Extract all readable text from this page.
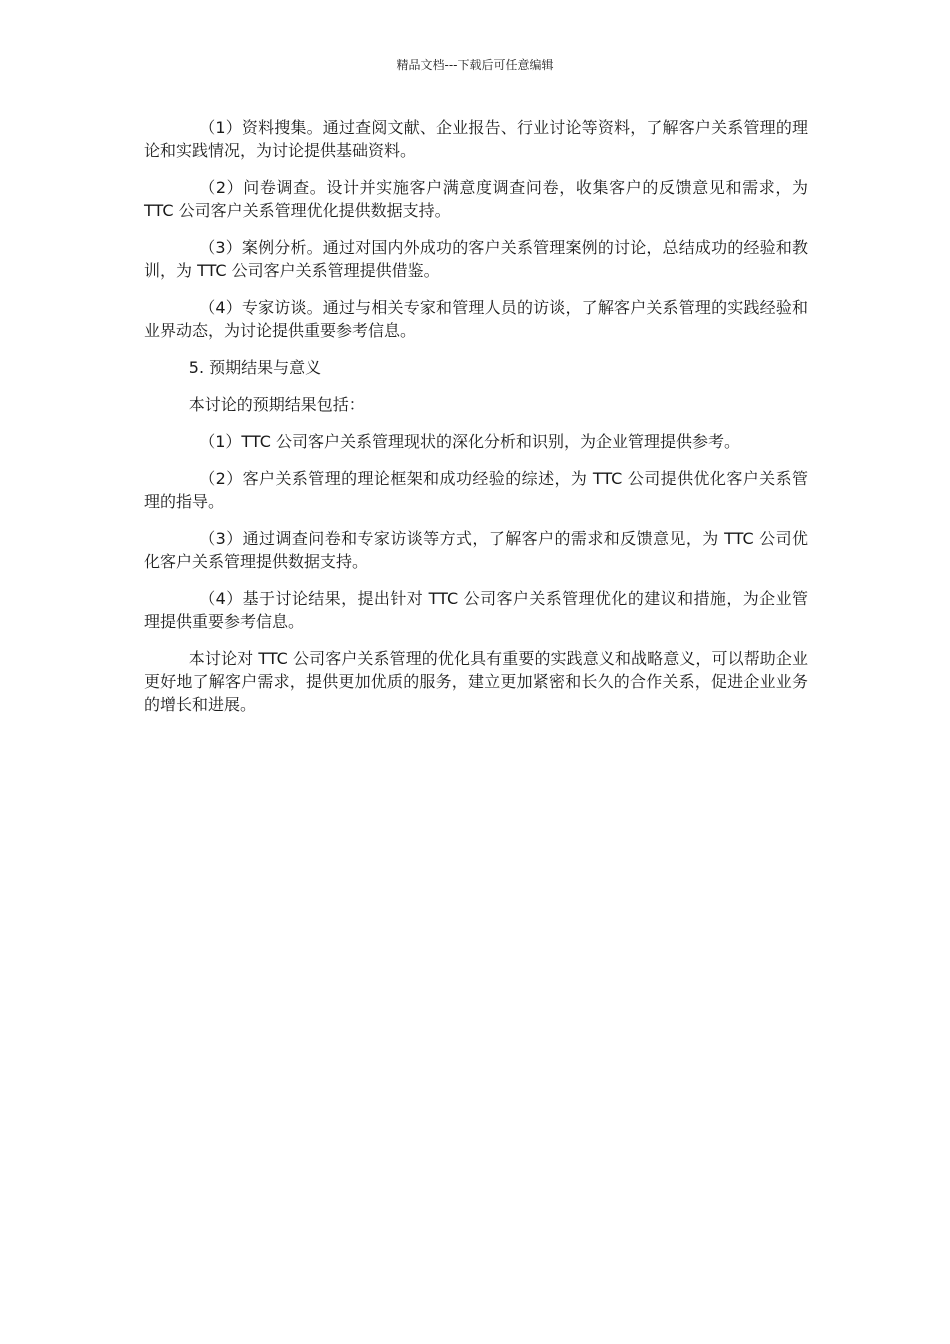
精品文档---下载后可任意编辑

（1）资料搜集。通过查阅文献、企业报告、行业讨论等资料，了解客户关系管理的理论和实践情况，为讨论提供基础资料。

（2）问卷调查。设计并实施客户满意度调查问卷，收集客户的反馈意见和需求，为 TTC 公司客户关系管理优化提供数据支持。

（3）案例分析。通过对国内外成功的客户关系管理案例的讨论，总结成功的经验和教训，为 TTC 公司客户关系管理提供借鉴。

（4）专家访谈。通过与相关专家和管理人员的访谈，了解客户关系管理的实践经验和业界动态，为讨论提供重要参考信息。

5. 预期结果与意义

本讨论的预期结果包括：

（1）TTC 公司客户关系管理现状的深化分析和识别，为企业管理提供参考。

（2）客户关系管理的理论框架和成功经验的综述，为 TTC 公司提供优化客户关系管理的指导。

（3）通过调查问卷和专家访谈等方式，了解客户的需求和反馈意见，为 TTC 公司优化客户关系管理提供数据支持。

（4）基于讨论结果，提出针对 TTC 公司客户关系管理优化的建议和措施，为企业管理提供重要参考信息。

本讨论对 TTC 公司客户关系管理的优化具有重要的实践意义和战略意义，可以帮助企业更好地了解客户需求，提供更加优质的服务，建立更加紧密和长久的合作关系，促进企业业务的增长和进展。
